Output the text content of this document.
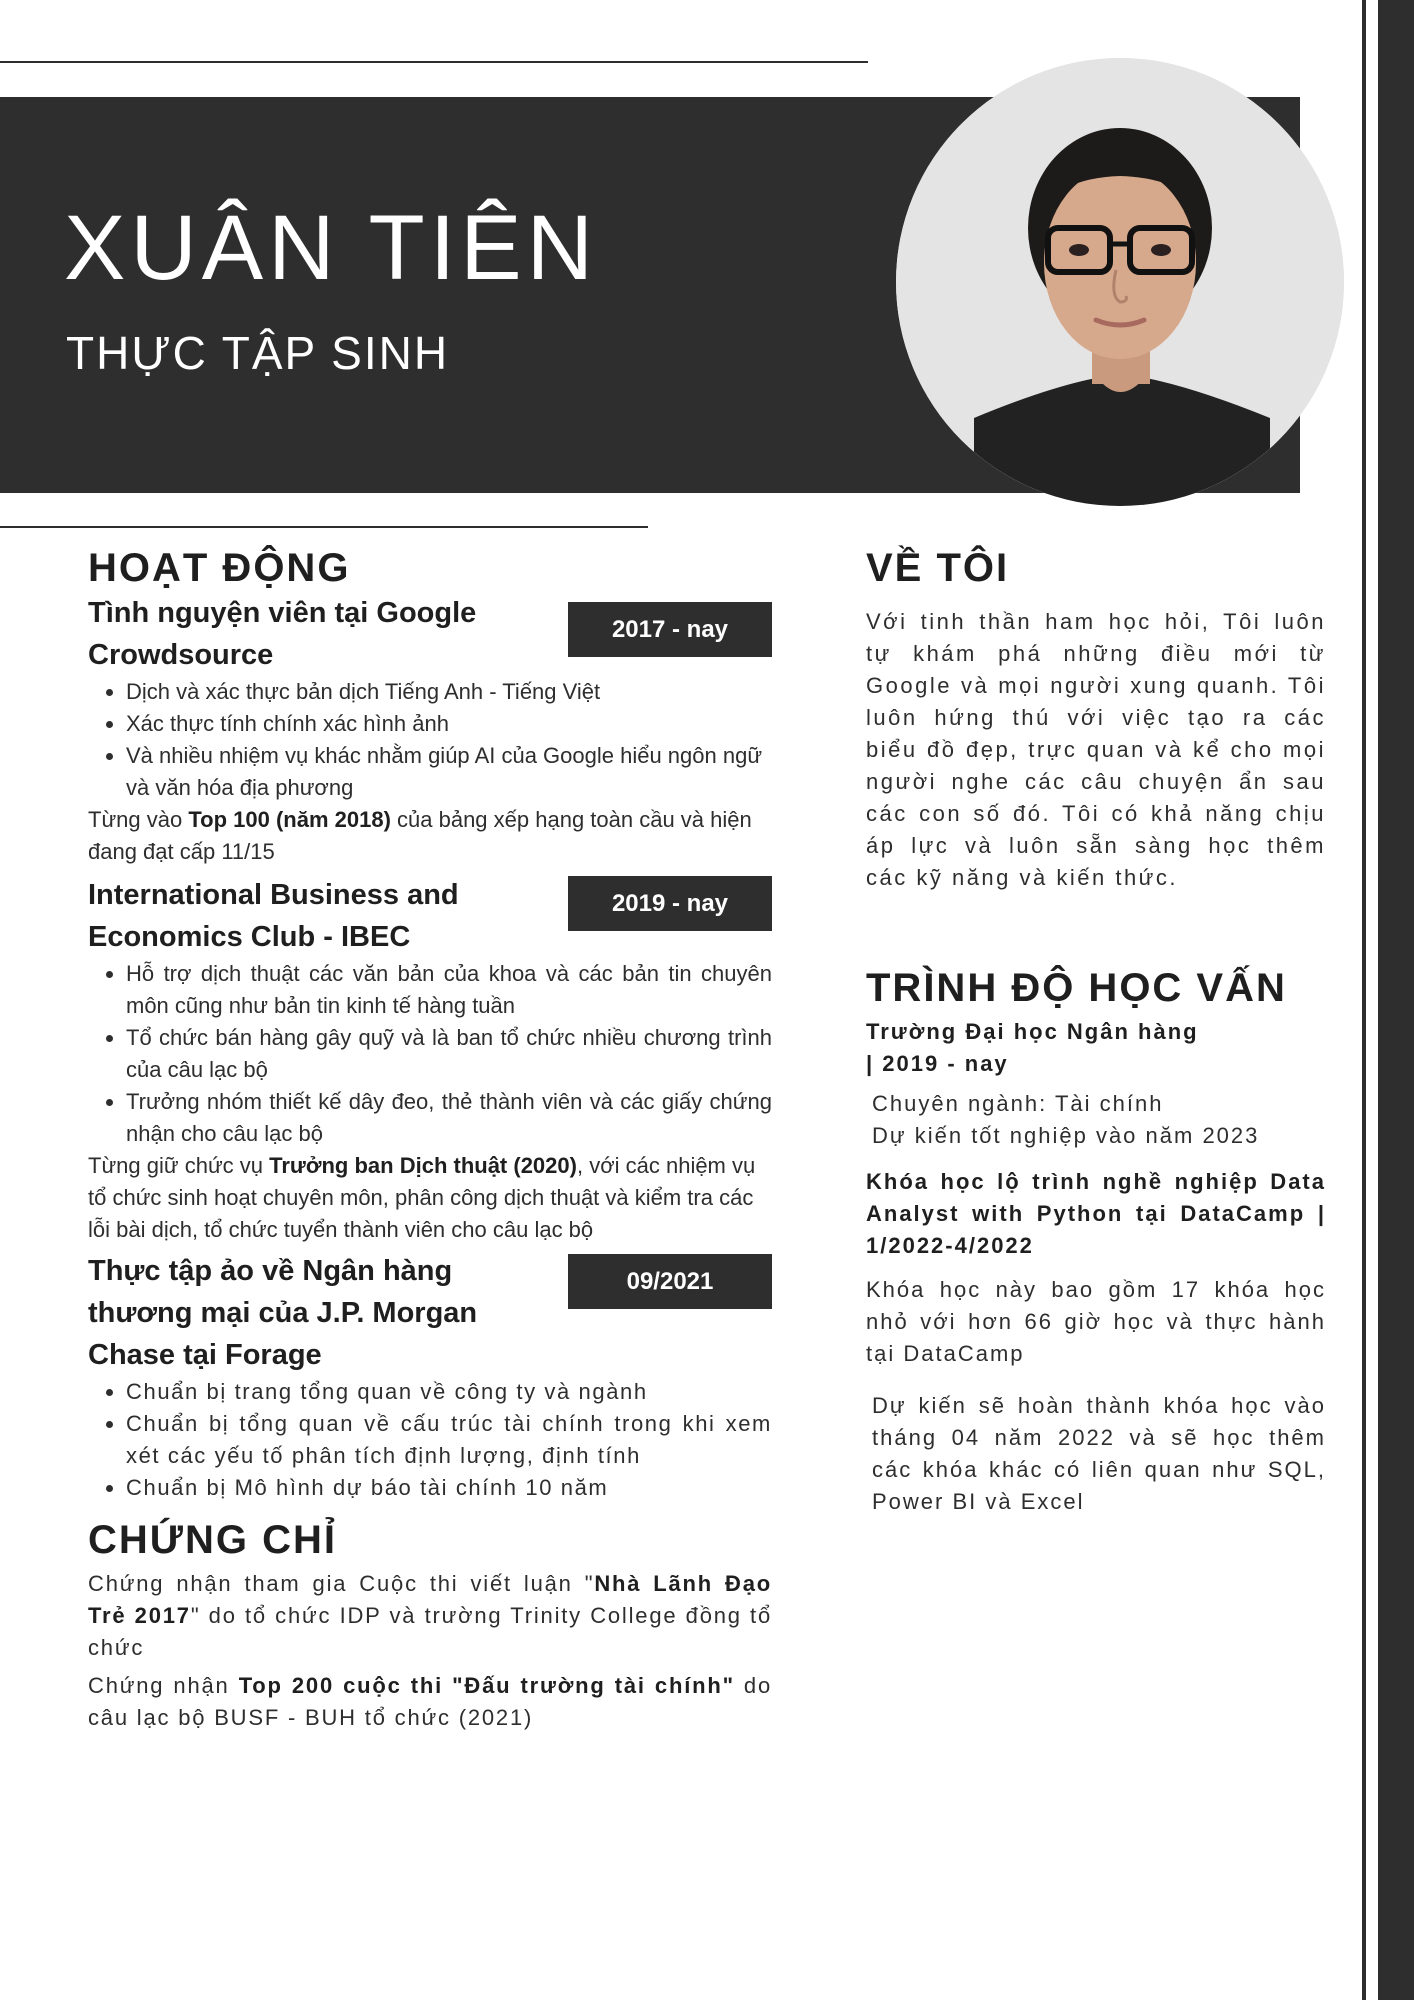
XUÂN TIÊN
THỰC TẬP SINH
HOẠT ĐỘNG
Tình nguyện viên tại Google Crowdsource
2017 - nay
• Dịch và xác thực bản dịch Tiếng Anh - Tiếng Việt
• Xác thực tính chính xác hình ảnh
• Và nhiều nhiệm vụ khác nhằm giúp AI của Google hiểu ngôn ngữ và văn hóa địa phương

Từng vào Top 100 (năm 2018) của bảng xếp hạng toàn cầu và hiện đang đạt cấp 11/15

International Business and Economics Club - IBEC
2019 - nay
• Hỗ trợ dịch thuật các văn bản của khoa và các bản tin chuyên môn cũng như bản tin kinh tế hàng tuần
• Tổ chức bán hàng gây quỹ và là ban tổ chức nhiều chương trình của câu lạc bộ
• Trưởng nhóm thiết kế dây đeo, thẻ thành viên và các giấy chứng nhận cho câu lạc bộ

Từng giữ chức vụ Trưởng ban Dịch thuật (2020), với các nhiệm vụ tổ chức sinh hoạt chuyên môn, phân công dịch thuật và kiểm tra các lỗi bài dịch, tổ chức tuyển thành viên cho câu lạc bộ

Thực tập ảo về Ngân hàng thương mại của J.P. Morgan Chase tại Forage
09/2021
• Chuẩn bị trang tổng quan về công ty và ngành
• Chuẩn bị tổng quan về cấu trúc tài chính trong khi xem xét các yếu tố phân tích định lượng, định tính
• Chuẩn bị Mô hình dự báo tài chính 10 năm
CHỨNG CHỈ

Chứng nhận tham gia Cuộc thi viết luận "Nhà Lãnh Đạo Trẻ 2017" do tổ chức IDP và trường Trinity College đồng tổ chức

Chứng nhận Top 200 cuộc thi "Đấu trường tài chính" do câu lạc bộ BUSF - BUH tổ chức (2021)

VỀ TÔI

Với tinh thần ham học hỏi, Tôi luôn tự khám phá những điều mới từ Google và mọi người xung quanh. Tôi luôn hứng thú với việc tạo ra các biểu đồ đẹp, trực quan và kể cho mọi người nghe các câu chuyện ẩn sau các con số đó. Tôi có khả năng chịu áp lực và luôn sẵn sàng học thêm các kỹ năng và kiến thức.

TRÌNH ĐỘ HỌC VẤN

Trường Đại học Ngân hàng

| 2019 - nay

Chuyên ngành: Tài chính

Dự kiến tốt nghiệp vào năm 2023

Khóa học lộ trình nghề nghiệp Data Analyst with Python tại DataCamp | 1/2022-4/2022

Khóa học này bao gồm 17 khóa học nhỏ với hơn 66 giờ học và thực hành tại DataCamp

Dự kiến sẽ hoàn thành khóa học vào tháng 04 năm 2022 và sẽ học thêm các khóa khác có liên quan như SQL, Power BI và Excel
